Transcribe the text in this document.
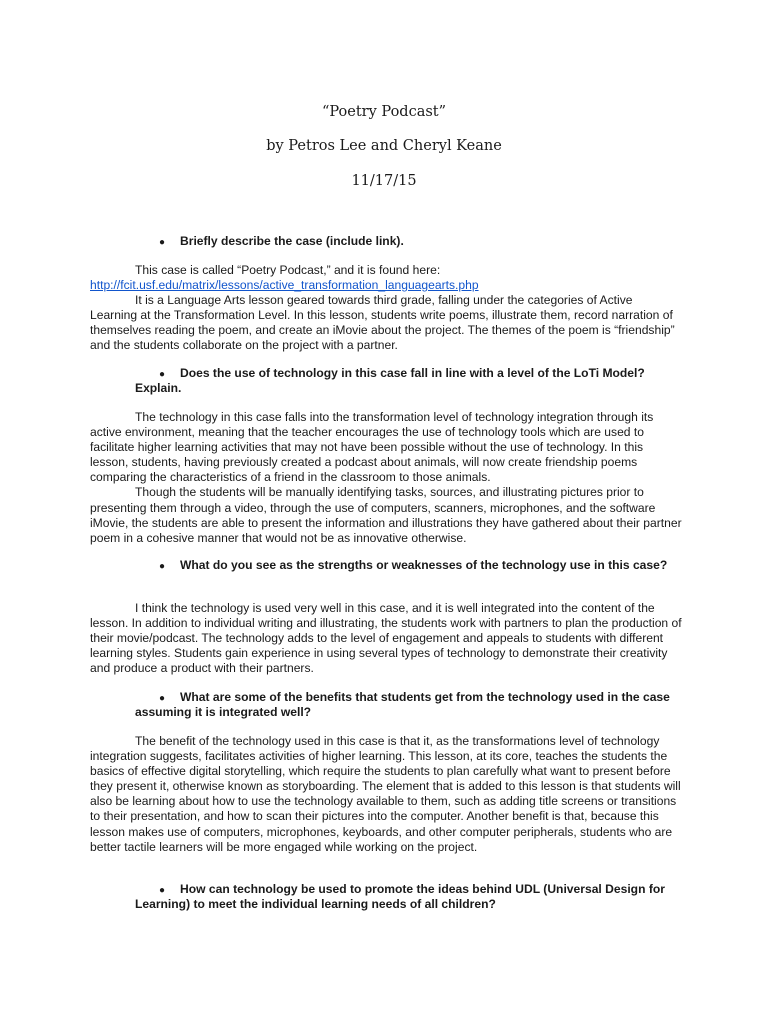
“Poetry Podcast”
by Petros Lee and Cheryl Keane
11/17/15
●	Briefly describe the case (include link).

This case is called “Poetry Podcast,” and it is found here:

http://fcit.usf.edu/matrix/lessons/active_transformation_languagearts.php

It is a Language Arts lesson geared towards third grade, falling under the categories of Active Learning at the Transformation Level. In this lesson, students write poems, illustrate them, record narration of themselves reading the poem, and create an iMovie about the project. The themes of the poem is “friendship” and the students collaborate on the project with a partner.

●	Does the use of technology in this case fall in line with a level of the LoTi Model? Explain.

The technology in this case falls into the transformation level of technology integration through its active environment, meaning that the teacher encourages the use of technology tools which are used to facilitate higher learning activities that may not have been possible without the use of technology. In this lesson, students, having previously created a podcast about animals, will now create friendship poems comparing the characteristics of a friend in the classroom to those animals.

Though the students will be manually identifying tasks, sources, and illustrating pictures prior to presenting them through a video, through the use of computers, scanners, microphones, and the software iMovie, the students are able to present the information and illustrations they have gathered about their partner poem in a cohesive manner that would not be as innovative otherwise.

●	What do you see as the strengths or weaknesses of the technology use in this case?

I think the technology is used very well in this case, and it is well integrated into the content of the lesson. In addition to individual writing and illustrating, the students work with partners to plan the production of their movie/podcast. The technology adds to the level of engagement and appeals to students with different learning styles. Students gain experience in using several types of technology to demonstrate their creativity and produce a product with their partners.

●	What are some of the benefits that students get from the technology used in the case assuming it is integrated well?

The benefit of the technology used in this case is that it, as the transformations level of technology integration suggests, facilitates activities of higher learning. This lesson, at its core, teaches the students the basics of effective digital storytelling, which require the students to plan carefully what want to present before they present it, otherwise known as storyboarding. The element that is added to this lesson is that students will also be learning about how to use the technology available to them, such as adding title screens or transitions to their presentation, and how to scan their pictures into the computer. Another benefit is that, because this lesson makes use of computers, microphones, keyboards, and other computer peripherals, students who are better tactile learners will be more engaged while working on the project.

●	How can technology be used to promote the ideas behind UDL (Universal Design for Learning) to meet the individual learning needs of all children?
